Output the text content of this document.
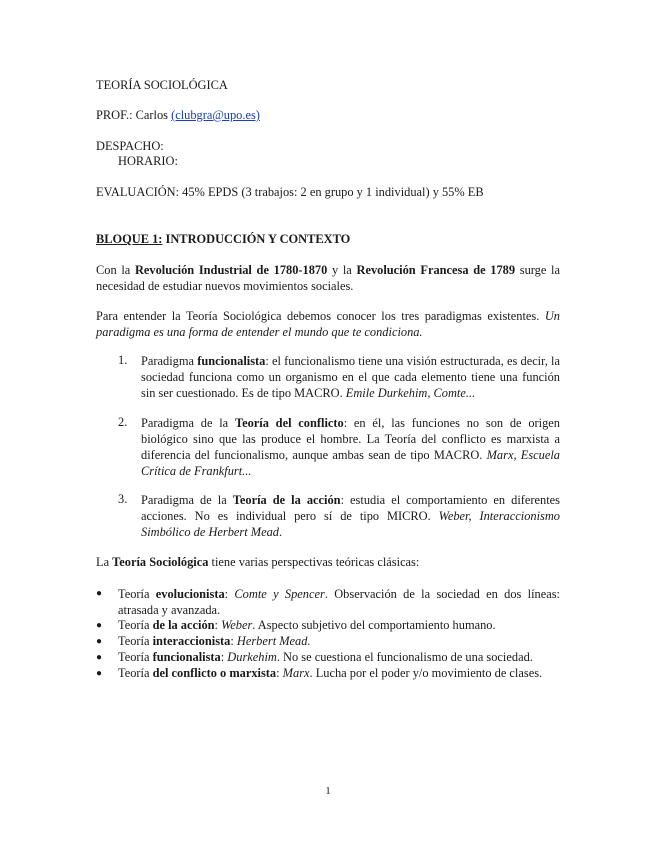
TEORÍA SOCIOLÓGICA
PROF.: Carlos (clubgra@upo.es)
DESPACHO:
HORARIO:
EVALUACIÓN: 45% EPDS (3 trabajos: 2 en grupo y 1 individual) y 55% EB
BLOQUE 1: INTRODUCCIÓN Y CONTEXTO
Con la Revolución Industrial de 1780-1870 y la Revolución Francesa de 1789 surge la necesidad de estudiar nuevos movimientos sociales.
Para entender la Teoría Sociológica debemos conocer los tres paradigmas existentes. Un paradigma es una forma de entender el mundo que te condiciona.
1. Paradigma funcionalista: el funcionalismo tiene una visión estructurada, es decir, la sociedad funciona como un organismo en el que cada elemento tiene una función sin ser cuestionado. Es de tipo MACRO. Emile Durkehim, Comte...
2. Paradigma de la Teoría del conflicto: en él, las funciones no son de origen biológico sino que las produce el hombre. La Teoría del conflicto es marxista a diferencia del funcionalismo, aunque ambas sean de tipo MACRO. Marx, Escuela Crítica de Frankfurt...
3. Paradigma de la Teoría de la acción: estudia el comportamiento en diferentes acciones. No es individual pero sí de tipo MICRO. Weber, Interaccionismo Simbólico de Herbert Mead.
La Teoría Sociológica tiene varias perspectivas teóricas clásicas:
● Teoría evolucionista: Comte y Spencer. Observación de la sociedad en dos líneas: atrasada y avanzada.
● Teoría de la acción: Weber. Aspecto subjetivo del comportamiento humano.
● Teoría interaccionista: Herbert Mead.
● Teoría funcionalista: Durkehim. No se cuestiona el funcionalismo de una sociedad.
● Teoría del conflicto o marxista: Marx. Lucha por el poder y/o movimiento de clases.
1
